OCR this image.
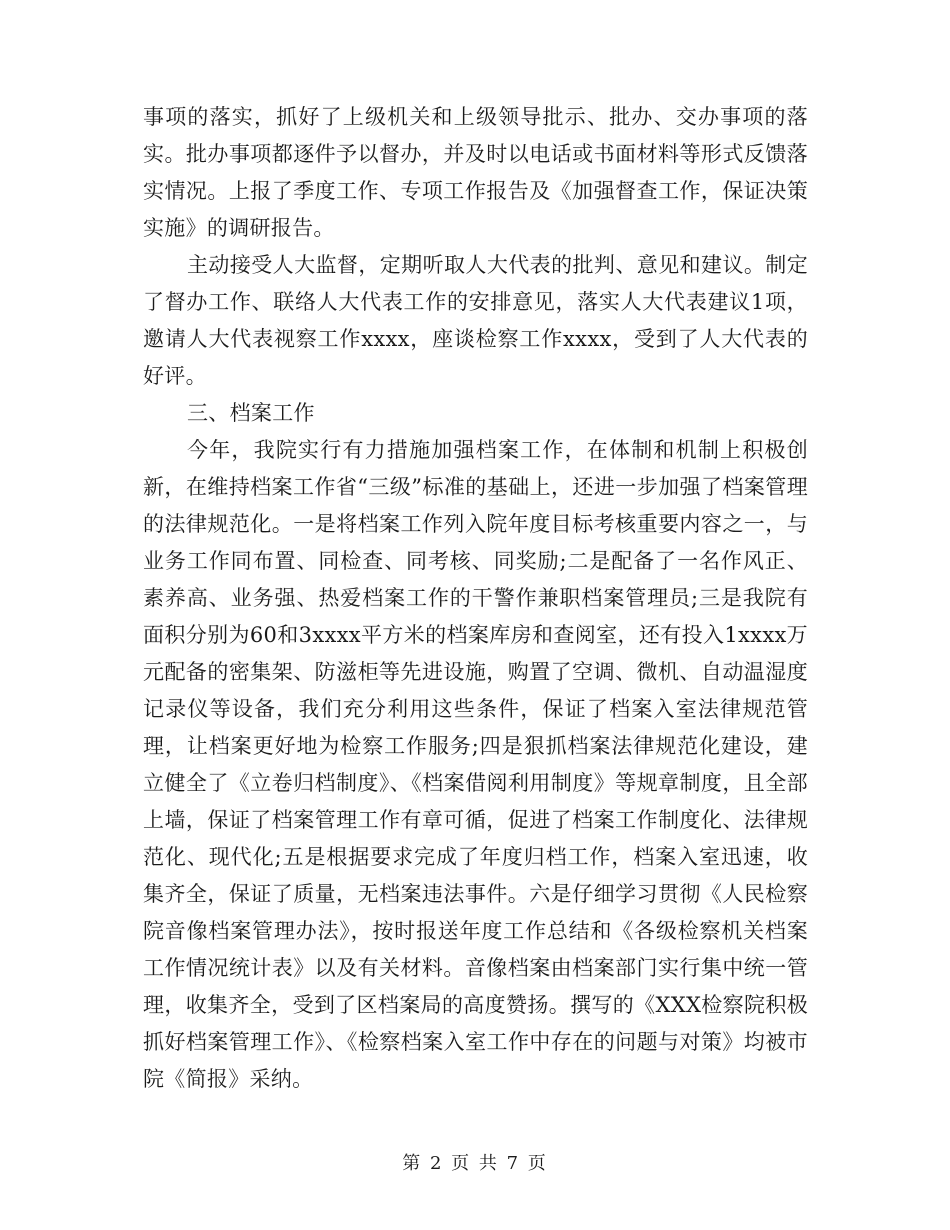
事项的落实，抓好了上级机关和上级领导批示、批办、交办事项的落实。批办事项都逐件予以督办，并及时以电话或书面材料等形式反馈落实情况。上报了季度工作、专项工作报告及《加强督查工作，保证决策实施》的调研报告。

主动接受人大监督，定期听取人大代表的批判、意见和建议。制定了督办工作、联络人大代表工作的安排意见，落实人大代表建议1项，邀请人大代表视察工作xxxx，座谈检察工作xxxx，受到了人大代表的好评。

三、档案工作

今年，我院实行有力措施加强档案工作，在体制和机制上积极创新，在维持档案工作省“三级”标准的基础上，还进一步加强了档案管理的法律规范化。一是将档案工作列入院年度目标考核重要内容之一，与业务工作同布置、同检查、同考核、同奖励;二是配备了一名作风正、素养高、业务强、热爱档案工作的干警作兼职档案管理员;三是我院有面积分别为60和3xxxx平方米的档案库房和查阅室，还有投入1xxxx万元配备的密集架、防滋柜等先进设施，购置了空调、微机、自动温湿度记录仪等设备，我们充分利用这些条件，保证了档案入室法律规范管理，让档案更好地为检察工作服务;四是狠抓档案法律规范化建设，建立健全了《立卷归档制度》、《档案借阅利用制度》等规章制度，且全部上墙，保证了档案管理工作有章可循，促进了档案工作制度化、法律规范化、现代化;五是根据要求完成了年度归档工作，档案入室迅速，收集齐全，保证了质量，无档案违法事件。六是仔细学习贯彻《人民检察院音像档案管理办法》，按时报送年度工作总结和《各级检察机关档案工作情况统计表》以及有关材料。音像档案由档案部门实行集中统一管理，收集齐全，受到了区档案局的高度赞扬。撰写的《XXX检察院积极抓好档案管理工作》、《检察档案入室工作中存在的问题与对策》均被市院《简报》采纳。

第 2 页 共 7 页
